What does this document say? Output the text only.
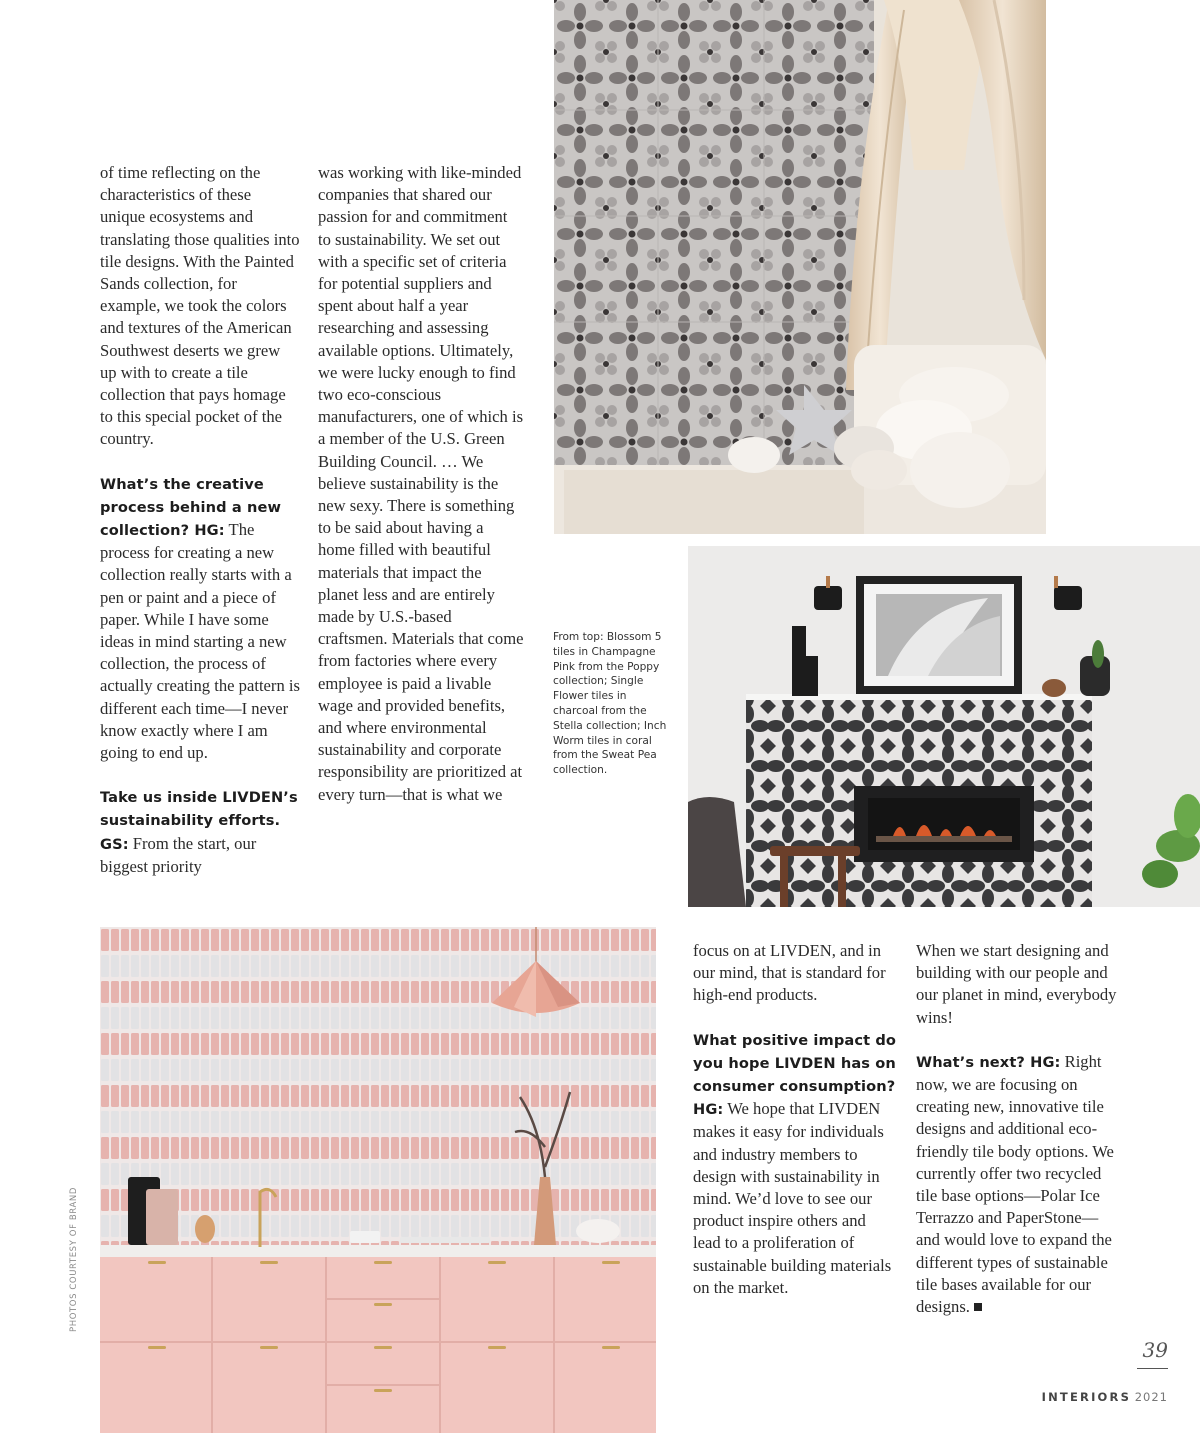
of time reflecting on the characteristics of these unique ecosystems and translating those qualities into tile designs. With the Painted Sands collection, for example, we took the colors and textures of the American Southwest deserts we grew up with to create a tile collection that pays homage to this special pocket of the country.

What’s the creative process behind a new collection? HG: The process for creating a new collection really starts with a pen or paint and a piece of paper. While I have some ideas in mind starting a new collection, the process of actually creating the pattern is different each time—I never know exactly where I am going to end up.

Take us inside LIVDEN’s sustainability efforts. GS: From the start, our biggest priority

was working with like-minded companies that shared our passion for and commitment to sustainability. We set out with a specific set of criteria for potential suppliers and spent about half a year researching and assessing available options. Ultimately, we were lucky enough to find two eco-conscious manufacturers, one of which is a member of the U.S. Green Building Council. … We believe sustainability is the new sexy. There is something to be said about having a home filled with beautiful materials that impact the planet less and are entirely made by U.S.-based craftsmen. Materials that come from factories where every employee is paid a livable wage and provided benefits, and where environmental sustainability and corporate responsibility are prioritized at every turn—that is what we

focus on at LIVDEN, and in our mind, that is standard for high-end products.

What positive impact do you hope LIVDEN has on consumer consumption? HG: We hope that LIVDEN makes it easy for individuals and industry members to design with sustainability in mind. We’d love to see our product inspire others and lead to a proliferation of sustainable building materials on the market.

When we start designing and building with our people and our planet in mind, everybody wins!

What’s next? HG: Right now, we are focusing on creating new, innovative tile designs and additional eco-friendly tile body options. We currently offer two recycled tile base options—Polar Ice Terrazzo and PaperStone—and would love to expand the different types of sustainable tile bases available for our designs.

From top: Blossom 5 tiles in Champagne Pink from the Poppy collection; Single Flower tiles in charcoal from the Stella collection; Inch Worm tiles in coral from the Sweat Pea collection.
PHOTOS COURTESY OF BRAND
39
INTERIORS 2021
